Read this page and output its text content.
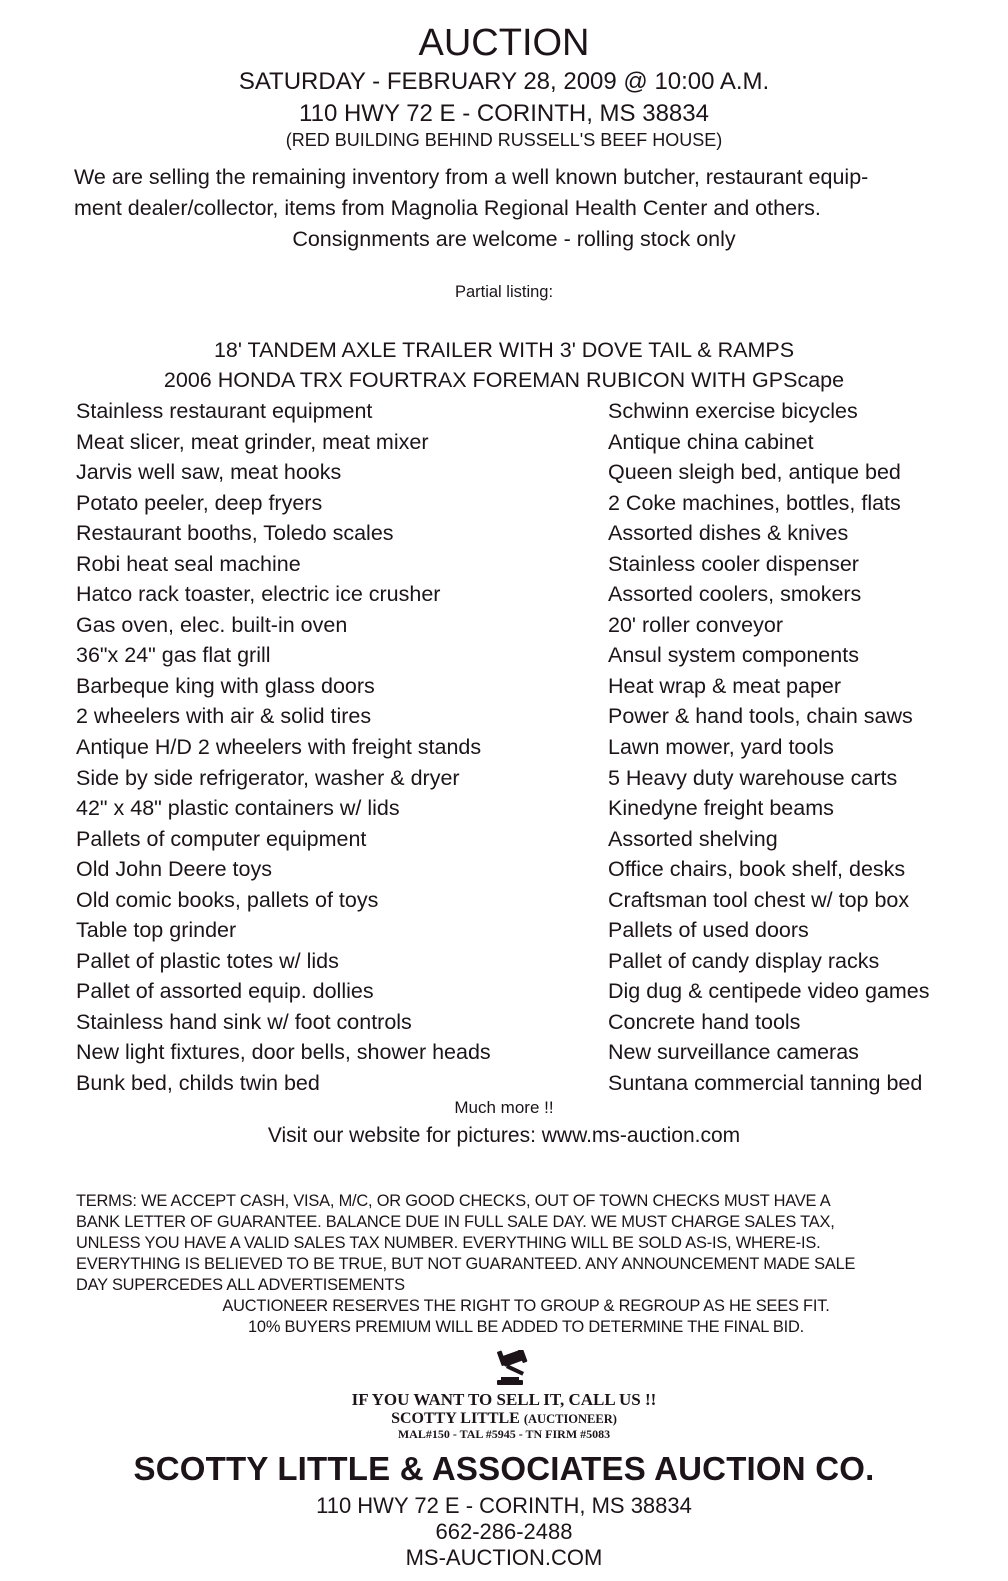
AUCTION
SATURDAY - FEBRUARY 28, 2009 @ 10:00 A.M.
110 HWY 72 E - CORINTH, MS 38834
(RED BUILDING BEHIND RUSSELL'S BEEF HOUSE)

We are selling the remaining inventory from a well known butcher, restaurant equip-

ment dealer/collector, items from Magnolia Regional Health Center and others.

Consignments are welcome - rolling stock only

Partial listing:
18' TANDEM AXLE TRAILER WITH 3' DOVE TAIL & RAMPS
2006 HONDA TRX FOURTRAX FOREMAN RUBICON WITH GPScape
Stainless restaurant equipment
Meat slicer, meat grinder, meat mixer
Jarvis well saw, meat hooks
Potato peeler, deep fryers
Restaurant booths, Toledo scales
Robi heat seal machine
Hatco rack toaster, electric ice crusher
Gas oven, elec. built-in oven
36"x 24" gas flat grill
Barbeque king with glass doors
2 wheelers with air & solid tires
Antique H/D 2 wheelers with freight stands
Side by side refrigerator, washer & dryer
42" x 48" plastic containers w/ lids
Pallets of computer equipment
Old John Deere toys
Old comic books, pallets of toys
Table top grinder
Pallet of plastic totes w/ lids
Pallet of assorted equip. dollies
Stainless hand sink w/ foot controls
New light fixtures, door bells, shower heads
Bunk bed, childs twin bed
Schwinn exercise bicycles
Antique china cabinet
Queen sleigh bed, antique bed
2 Coke machines, bottles, flats
Assorted dishes & knives
Stainless cooler dispenser
Assorted coolers, smokers
20' roller conveyor
Ansul system components
Heat wrap & meat paper
Power & hand tools, chain saws
Lawn mower, yard tools
5 Heavy duty warehouse carts
Kinedyne freight beams
Assorted shelving
Office chairs, book shelf, desks
Craftsman tool chest w/ top box
Pallets of used doors
Pallet of candy display racks
Dig dug & centipede video games
Concrete hand tools
New surveillance cameras
Suntana commercial tanning bed
Much more !!
Visit our website for pictures: www.ms-auction.com

TERMS: WE ACCEPT CASH, VISA, M/C, OR GOOD CHECKS, OUT OF TOWN CHECKS MUST HAVE A

BANK LETTER OF GUARANTEE. BALANCE DUE IN FULL SALE DAY. WE MUST CHARGE SALES TAX,

UNLESS YOU HAVE A VALID SALES TAX NUMBER. EVERYTHING WILL BE SOLD AS-IS, WHERE-IS.

EVERYTHING IS BELIEVED TO BE TRUE, BUT NOT GUARANTEED. ANY ANNOUNCEMENT MADE SALE

DAY SUPERCEDES ALL ADVERTISEMENTS

AUCTIONEER RESERVES THE RIGHT TO GROUP & REGROUP AS HE SEES FIT.

10% BUYERS PREMIUM WILL BE ADDED TO DETERMINE THE FINAL BID.

IF YOU WANT TO SELL IT, CALL US !!
SCOTTY LITTLE (AUCTIONEER)
MAL#150 - TAL #5945 - TN FIRM #5083
SCOTTY LITTLE & ASSOCIATES AUCTION CO.
110 HWY 72 E - CORINTH, MS 38834
662-286-2488
MS-AUCTION.COM
